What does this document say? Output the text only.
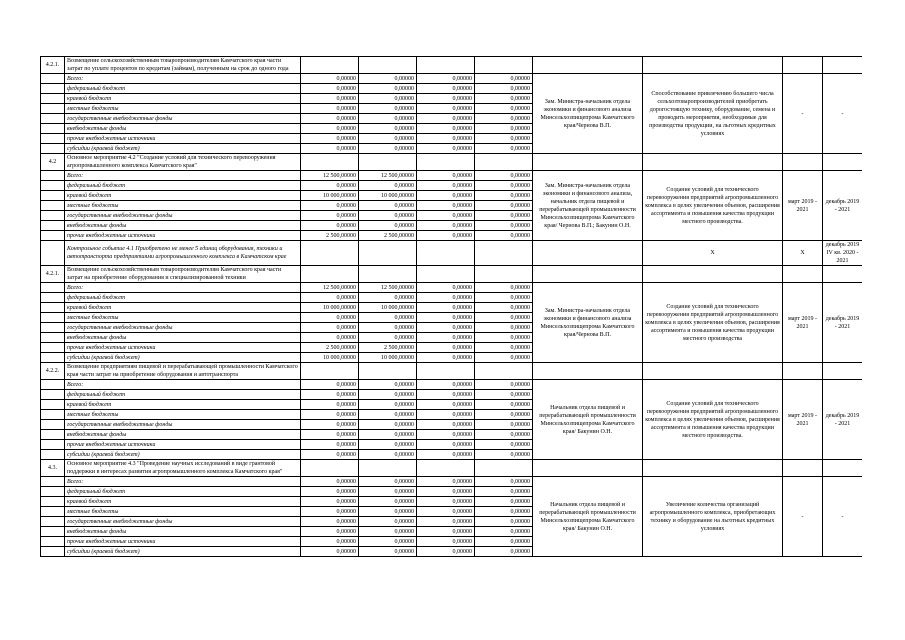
4.2.1.	Возмещение сельскохозяйственным товаропроизводителям Камчатского края части затрат по уплате процентов по кредитам (займам), полученным на срок до одного года								
	Всего:	0,00000	0,00000	0,00000	0,00000	Зам. Министра-начальник отдела экономики и финансового анализа Минсельхозпищепрома Камчатского края/Чернова В.П.	Способствование привлечению большего числа сельхозтоваропроизводителей приобретать дорогостоящую технику, оборудование, семена и проводить мероприятия, необходимые для производства продукции, на льготных кредитных условиях	-	-
	федеральный бюджет	0,00000	0,00000	0,00000	0,00000				
	краевой бюджет	0,00000	0,00000	0,00000	0,00000				
	местные бюджеты	0,00000	0,00000	0,00000	0,00000				
	государственные внебюджетные фонды	0,00000	0,00000	0,00000	0,00000				
	внебюджетные фонды	0,00000	0,00000	0,00000	0,00000				
	прочие внебюджетные источники	0,00000	0,00000	0,00000	0,00000				
	субсидии (краевой бюджет)	0,00000	0,00000	0,00000	0,00000				
4.2	Основное мероприятие 4.2 "Создание условий для технического перевооружения агропромышленного комплекса Камчатского края"								
	Всего:	12 500,00000	12 500,00000	0,00000	0,00000	Зам. Министра-начальник отдела экономики и финансового анализа, начальник отдела пищевой и перерабатывающей промышленности Минсельхозпищепрома Камчатского края/ Чернова В.П.; Бакунин О.Н.	Создание условий для технического перевооружения предприятий агропромышленного комплекса в целях увеличения объемов, расширения ассортимента и повышения качества продукции местного производства.	март 2019 - 2021	декабрь 2019 - 2021
	федеральный бюджет	0,00000	0,00000	0,00000	0,00000				
	краевой бюджет	10 000,00000	10 000,00000	0,00000	0,00000				
	местные бюджеты	0,00000	0,00000	0,00000	0,00000				
	государственные внебюджетные фонды	0,00000	0,00000	0,00000	0,00000				
	внебюджетные фонды	0,00000	0,00000	0,00000	0,00000				
	прочие внебюджетные источники	2 500,00000	2 500,00000	0,00000	0,00000				
	Контрольное событие 4.1 Приобретено не менее 5 единиц оборудования, техники и автотранспорта предприятиями агропромышленного комплекса в Камчатском крае						X	X	декабрь 2019 IV кв. 2020 - 2021
4.2.1.	Возмещение сельскохозяйственным товаропроизводителям Камчатского края части затрат на приобретение оборудования и специализированной техники								
	Всего:	12 500,00000	12 500,00000	0,00000	0,00000	Зам. Министра-начальник отдела экономики и финансового анализа Минсельхозпищепрома Камчатского края/Чернова В.П.	Создание условий для технического перевооружения предприятий агропромышленного комплекса в целях увеличения объемов, расширения ассортимента и повышения качества продукции местного производства	март 2019 - 2021	декабрь 2019 - 2021
	федеральный бюджет	0,00000	0,00000	0,00000	0,00000				
	краевой бюджет	10 000,00000	10 000,00000	0,00000	0,00000				
	местные бюджеты	0,00000	0,00000	0,00000	0,00000				
	государственные внебюджетные фонды	0,00000	0,00000	0,00000	0,00000				
	внебюджетные фонды	0,00000	0,00000	0,00000	0,00000				
	прочие внебюджетные источники	2 500,00000	2 500,00000	0,00000	0,00000				
	субсидии (краевой бюджет)	10 000,00000	10 000,00000	0,00000	0,00000				
4.2.2.	Возмещение предприятиям пищевой и перерабатывающей промышленности Камчатского края части затрат на приобретение оборудования и автотранспорта								
	Всего:	0,00000	0,00000	0,00000	0,00000	Начальник отдела пищевой и перерабатывающей промышленности Минсельхозпищепрома Камчатского края/ Бакунин О.Н.	Создание условий для технического перевооружения предприятий агропромышленного комплекса в целях увеличения объемов, расширения ассортимента и повышения качества продукции местного производства.	март 2019 - 2021	декабрь 2019 - 2021
	федеральный бюджет	0,00000	0,00000	0,00000	0,00000				
	краевой бюджет	0,00000	0,00000	0,00000	0,00000				
	местные бюджеты	0,00000	0,00000	0,00000	0,00000				
	государственные внебюджетные фонды	0,00000	0,00000	0,00000	0,00000				
	внебюджетные фонды	0,00000	0,00000	0,00000	0,00000				
	прочие внебюджетные источники	0,00000	0,00000	0,00000	0,00000				
	субсидии (краевой бюджет)	0,00000	0,00000	0,00000	0,00000				
4.3.	Основное мероприятие 4.3 "Проведение научных исследований в виде грантовой поддержки в интересах развития агропромышленного комплекса Камчатского края"								
	Всего:	0,00000	0,00000	0,00000	0,00000	Начальник отдела пищевой и перерабатывающей промышленности Минсельхозпищепрома Камчатского края/ Бакунин О.Н.	Увеличение количества организаций агропромышленного комплекса, приобретающих технику и оборудование на льготных кредитных условиях	-	-
	федеральный бюджет	0,00000	0,00000	0,00000	0,00000				
	краевой бюджет	0,00000	0,00000	0,00000	0,00000				
	местные бюджеты	0,00000	0,00000	0,00000	0,00000				
	государственные внебюджетные фонды	0,00000	0,00000	0,00000	0,00000				
	внебюджетные фонды	0,00000	0,00000	0,00000	0,00000				
	прочие внебюджетные источники	0,00000	0,00000	0,00000	0,00000				
	субсидии (краевой бюджет)	0,00000	0,00000	0,00000	0,00000				
